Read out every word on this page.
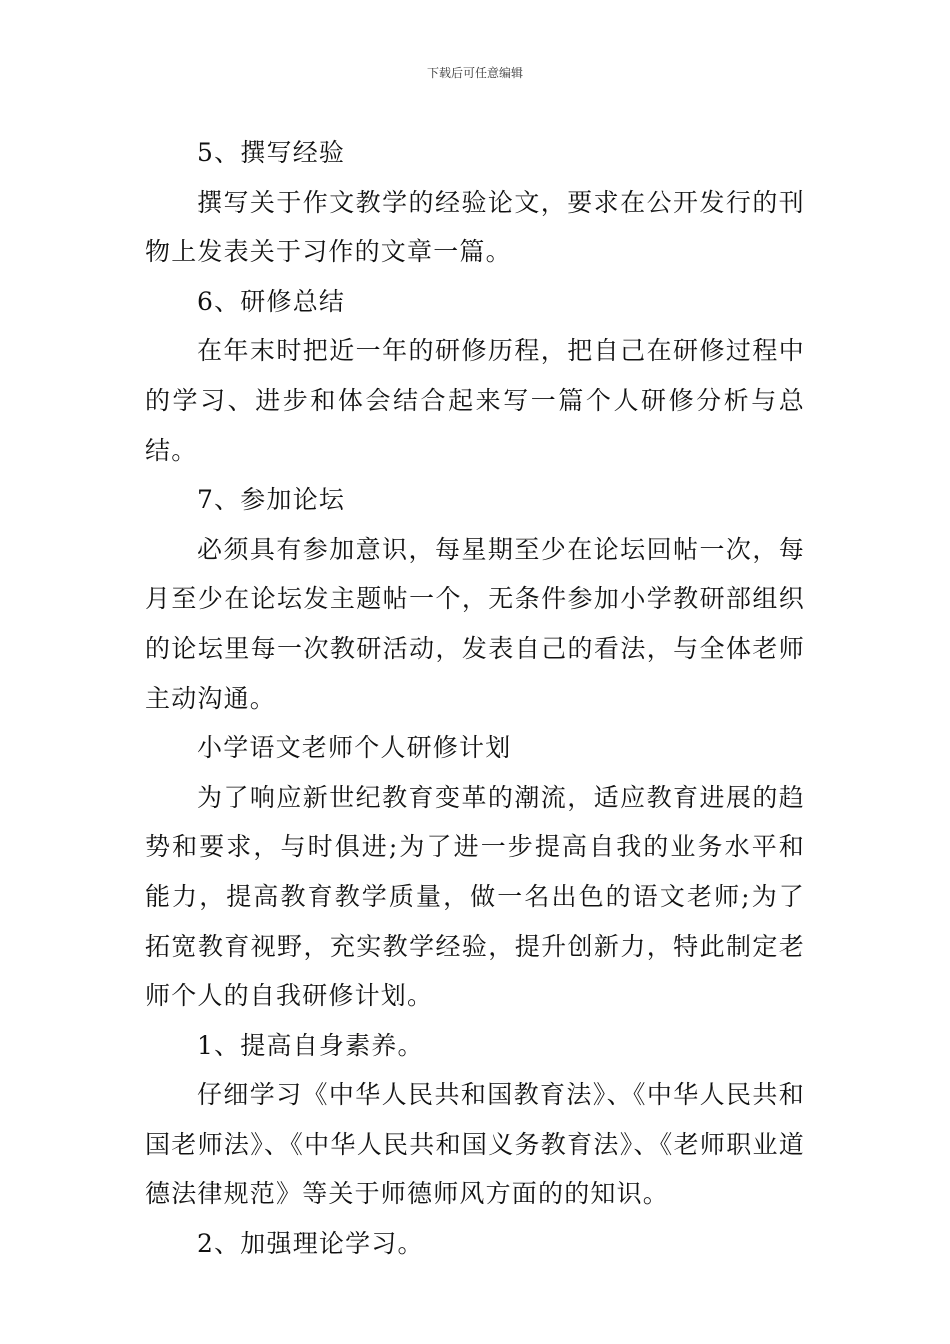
下载后可任意编辑

5、撰写经验

撰写关于作文教学的经验论文，要求在公开发行的刊物上发表关于习作的文章一篇。

6、研修总结

在年末时把近一年的研修历程，把自己在研修过程中的学习、进步和体会结合起来写一篇个人研修分析与总结。

7、参加论坛

必须具有参加意识，每星期至少在论坛回帖一次，每月至少在论坛发主题帖一个，无条件参加小学教研部组织的论坛里每一次教研活动，发表自己的看法，与全体老师主动沟通。

小学语文老师个人研修计划

为了响应新世纪教育变革的潮流，适应教育进展的趋势和要求，与时俱进;为了进一步提高自我的业务水平和能力，提高教育教学质量，做一名出色的语文老师;为了拓宽教育视野，充实教学经验，提升创新力，特此制定老师个人的自我研修计划。

1、提高自身素养。

仔细学习《中华人民共和国教育法》、《中华人民共和国老师法》、《中华人民共和国义务教育法》、《老师职业道德法律规范》等关于师德师风方面的的知识。

2、加强理论学习。
